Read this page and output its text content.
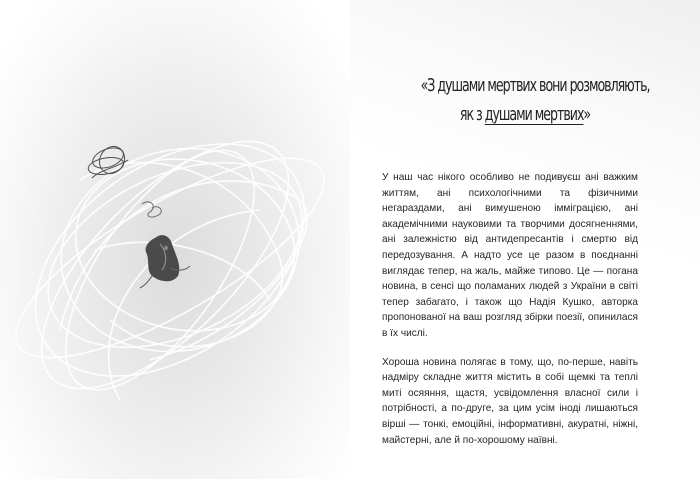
«З душами мертвих вони розмовляють,
як з душами мертвих»

У наш час нікого особливо не подивуєш ані важким життям, ані психологічними та фізичними негараздами, ані вимушеною імміграцією, ані академічними науковими та творчими досягненнями, ані залежністю від антидепресантів і смертю від передозування. А надто усе це разом в поєднанні виглядає тепер, на жаль, майже типово. Це — погана новина, в сенсі що поламаних людей з України в світі тепер забагато, і також що Надія Кушко, авторка пропонованої на ваш розгляд збірки поезії, опинилася в їх числі.

Хороша новина полягає в тому, що, по-перше, навіть надміру складне життя містить в собі щемкі та теплі миті осяяння, щастя, усвідомлення власної сили і потрібності, а по-друге, за цим усім іноді лишаються вірші — тонкі, емоційні, інформативні, акуратні, ніжні, майстерні, але й по-хорошому наївні.
